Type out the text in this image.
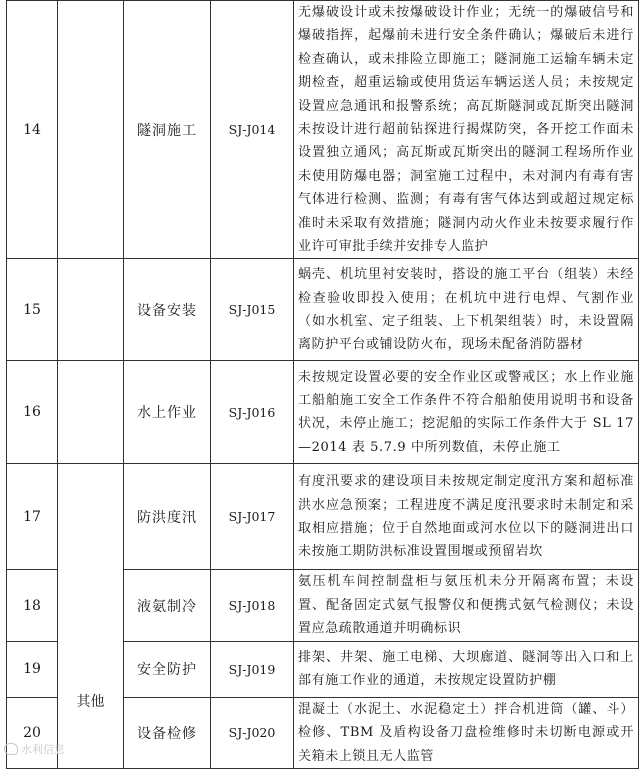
14		隧洞施工	SJ-J014	无爆破设计或未按爆破设计作业；无统一的爆破信号和爆破指挥，起爆前未进行安全条件确认；爆破后未进行检查确认，或未排险立即施工；隧洞施工运输车辆未定期检查，超重运输或使用货运车辆运送人员；未按规定设置应急通讯和报警系统；高瓦斯隧洞或瓦斯突出隧洞未按设计进行超前钻探进行揭煤防突，各开挖工作面未设置独立通风；高瓦斯或瓦斯突出的隧洞工程场所作业未使用防爆电器；洞室施工过程中，未对洞内有毒有害气体进行检测、监测；有毒有害气体达到或超过规定标准时未采取有效措施；隧洞内动火作业未按要求履行作业许可审批手续并安排专人监护
15		设备安装	SJ-J015	蜗壳、机坑里衬安装时，搭设的施工平台（组装）未经检查验收即投入使用；在机坑中进行电焊、气割作业（如水机室、定子组装、上下机架组装）时，未设置隔离防护平台或铺设防火布，现场未配备消防器材
16		水上作业	SJ-J016	未按规定设置必要的安全作业区或警戒区；水上作业施工船舶施工安全工作条件不符合船舶使用说明书和设备状况，未停止施工；挖泥船的实际工作条件大于 SL 17—2014 表 5.7.9 中所列数值，未停止施工
17	其他	防洪度汛	SJ-J017	有度汛要求的建设项目未按规定制定度汛方案和超标准洪水应急预案；工程进度不满足度汛要求时未制定和采取相应措施；位于自然地面或河水位以下的隧洞进出口未按施工期防洪标准设置围堰或预留岩坎
18		液氨制冷	SJ-J018	氨压机车间控制盘柜与氨压机未分开隔离布置；未设置、配备固定式氨气报警仪和便携式氨气检测仪；未设置应急疏散通道并明确标识
19		安全防护	SJ-J019	排架、井架、施工电梯、大坝廊道、隧洞等出入口和上部有施工作业的通道，未按规定设置防护棚
20		设备检修	SJ-J020	混凝土（水泥土、水泥稳定土）拌合机进筒（罐、斗）检修、TBM 及盾构设备刀盘检维修时未切断电源或开关箱未上锁且无人监管
水利信息
